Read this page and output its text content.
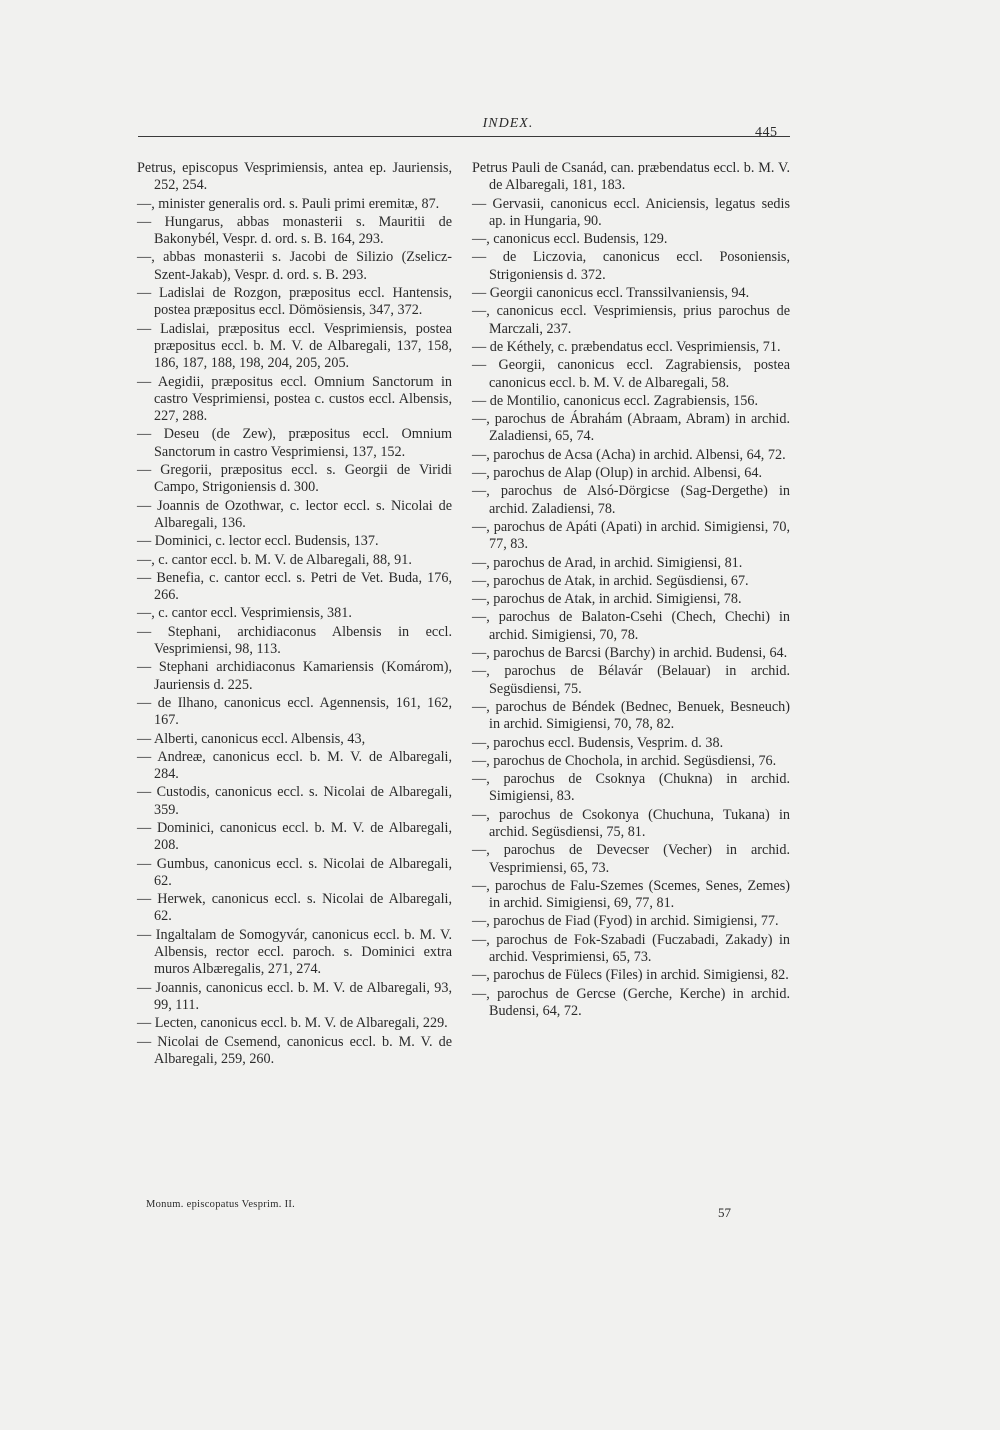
INDEX.
445
Petrus, episcopus Vesprimiensis, antea ep. Jauriensis, 252, 254.
—, minister generalis ord. s. Pauli primi eremitæ, 87.
— Hungarus, abbas monasterii s. Mauritii de Bakonybél, Vespr. d. ord. s. B. 164, 293.
—, abbas monasterii s. Jacobi de Silizio (Zselicz-Szent-Jakab), Vespr. d. ord. s. B. 293.
— Ladislai de Rozgon, præpositus eccl. Hantensis, postea præpositus eccl. Dömösiensis, 347, 372.
— Ladislai, præpositus eccl. Vesprimiensis, postea præpositus eccl. b. M. V. de Albaregali, 137, 158, 186, 187, 188, 198, 204, 205, 205.
— Aegidii, præpositus eccl. Omnium Sanctorum in castro Vesprimiensi, postea c. custos eccl. Albensis, 227, 288.
— Deseu (de Zew), præpositus eccl. Omnium Sanctorum in castro Vesprimiensi, 137, 152.
— Gregorii, præpositus eccl. s. Georgii de Viridi Campo, Strigoniensis d. 300.
— Joannis de Ozothwar, c. lector eccl. s. Nicolai de Albaregali, 136.
— Dominici, c. lector eccl. Budensis, 137.
—, c. cantor eccl. b. M. V. de Albaregali, 88, 91.
— Benefia, c. cantor eccl. s. Petri de Vet. Buda, 176, 266.
—, c. cantor eccl. Vesprimiensis, 381.
— Stephani, archidiaconus Albensis in eccl. Vesprimiensi, 98, 113.
— Stephani archidiaconus Kamariensis (Komárom), Jauriensis d. 225.
— de Ilhano, canonicus eccl. Agennensis, 161, 162, 167.
— Alberti, canonicus eccl. Albensis, 43,
— Andreæ, canonicus eccl. b. M. V. de Albaregali, 284.
— Custodis, canonicus eccl. s. Nicolai de Albaregali, 359.
— Dominici, canonicus eccl. b. M. V. de Albaregali, 208.
— Gumbus, canonicus eccl. s. Nicolai de Albaregali, 62.
— Herwek, canonicus eccl. s. Nicolai de Albaregali, 62.
— Ingaltalam de Somogyvár, canonicus eccl. b. M. V. Albensis, rector eccl. paroch. s. Dominici extra muros Albæregalis, 271, 274.
— Joannis, canonicus eccl. b. M. V. de Albaregali, 93, 99, 111.
— Lecten, canonicus eccl. b. M. V. de Albaregali, 229.
— Nicolai de Csemend, canonicus eccl. b. M. V. de Albaregali, 259, 260.
Petrus Pauli de Csanád, can. præbendatus eccl. b. M. V. de Albaregali, 181, 183.
— Gervasii, canonicus eccl. Aniciensis, legatus sedis ap. in Hungaria, 90.
—, canonicus eccl. Budensis, 129.
— de Liczovia, canonicus eccl. Posoniensis, Strigoniensis d. 372.
— Georgii canonicus eccl. Transsilvaniensis, 94.
—, canonicus eccl. Vesprimiensis, prius parochus de Marczali, 237.
— de Kéthely, c. præbendatus eccl. Vesprimiensis, 71.
— Georgii, canonicus eccl. Zagrabiensis, postea canonicus eccl. b. M. V. de Albaregali, 58.
— de Montilio, canonicus eccl. Zagrabiensis, 156.
—, parochus de Ábrahám (Abraam, Abram) in archid. Zaladiensi, 65, 74.
—, parochus de Acsa (Acha) in archid. Albensi, 64, 72.
—, parochus de Alap (Olup) in archid. Albensi, 64.
—, parochus de Alsó-Dörgicse (Sag-Dergethe) in archid. Zaladiensi, 78.
—, parochus de Apáti (Apati) in archid. Simigiensi, 70, 77, 83.
—, parochus de Arad, in archid. Simigiensi, 81.
—, parochus de Atak, in archid. Següsdiensi, 67.
—, parochus de Atak, in archid. Simigiensi, 78.
—, parochus de Balaton-Csehi (Chech, Chechi) in archid. Simigiensi, 70, 78.
—, parochus de Barcsi (Barchy) in archid. Budensi, 64.
—, parochus de Bélavár (Belauar) in archid. Següsdiensi, 75.
—, parochus de Béndek (Bednec, Benuek, Besneuch) in archid. Simigiensi, 70, 78, 82.
—, parochus eccl. Budensis, Vesprim. d. 38.
—, parochus de Chochola, in archid. Següsdiensi, 76.
—, parochus de Csoknya (Chukna) in archid. Simigiensi, 83.
—, parochus de Csokonya (Chuchuna, Tukana) in archid. Següsdiensi, 75, 81.
—, parochus de Devecser (Vecher) in archid. Vesprimiensi, 65, 73.
—, parochus de Falu-Szemes (Scemes, Senes, Zemes) in archid. Simigiensi, 69, 77, 81.
—, parochus de Fiad (Fyod) in archid. Simigiensi, 77.
—, parochus de Fok-Szabadi (Fuczabadi, Zakady) in archid. Vesprimiensi, 65, 73.
—, parochus de Fülecs (Files) in archid. Simigiensi, 82.
—, parochus de Gercse (Gerche, Kerche) in archid. Budensi, 64, 72.
Monum. episcopatus Vesprim. II.
57
